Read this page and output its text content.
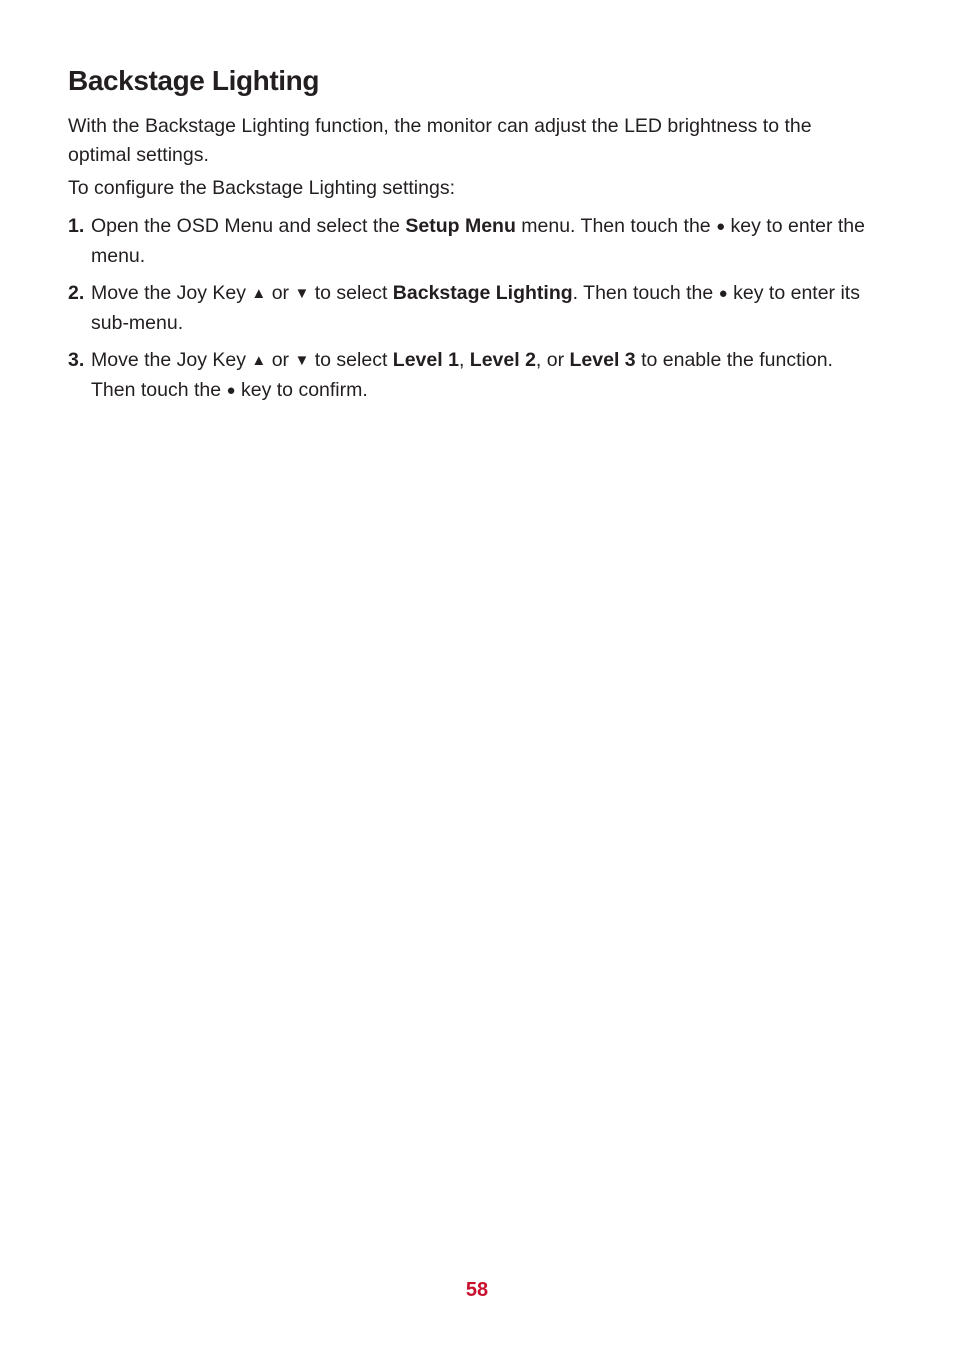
Backstage Lighting

With the Backstage Lighting function, the monitor can adjust the LED brightness to the optimal settings.

To configure the Backstage Lighting settings:

1. Open the OSD Menu and select the Setup Menu menu. Then touch the ● key to enter the menu.
2. Move the Joy Key ▲ or ▼ to select Backstage Lighting. Then touch the ● key to enter its sub-menu.
3. Move the Joy Key ▲ or ▼ to select Level 1, Level 2, or Level 3 to enable the function. Then touch the ● key to confirm.
58
